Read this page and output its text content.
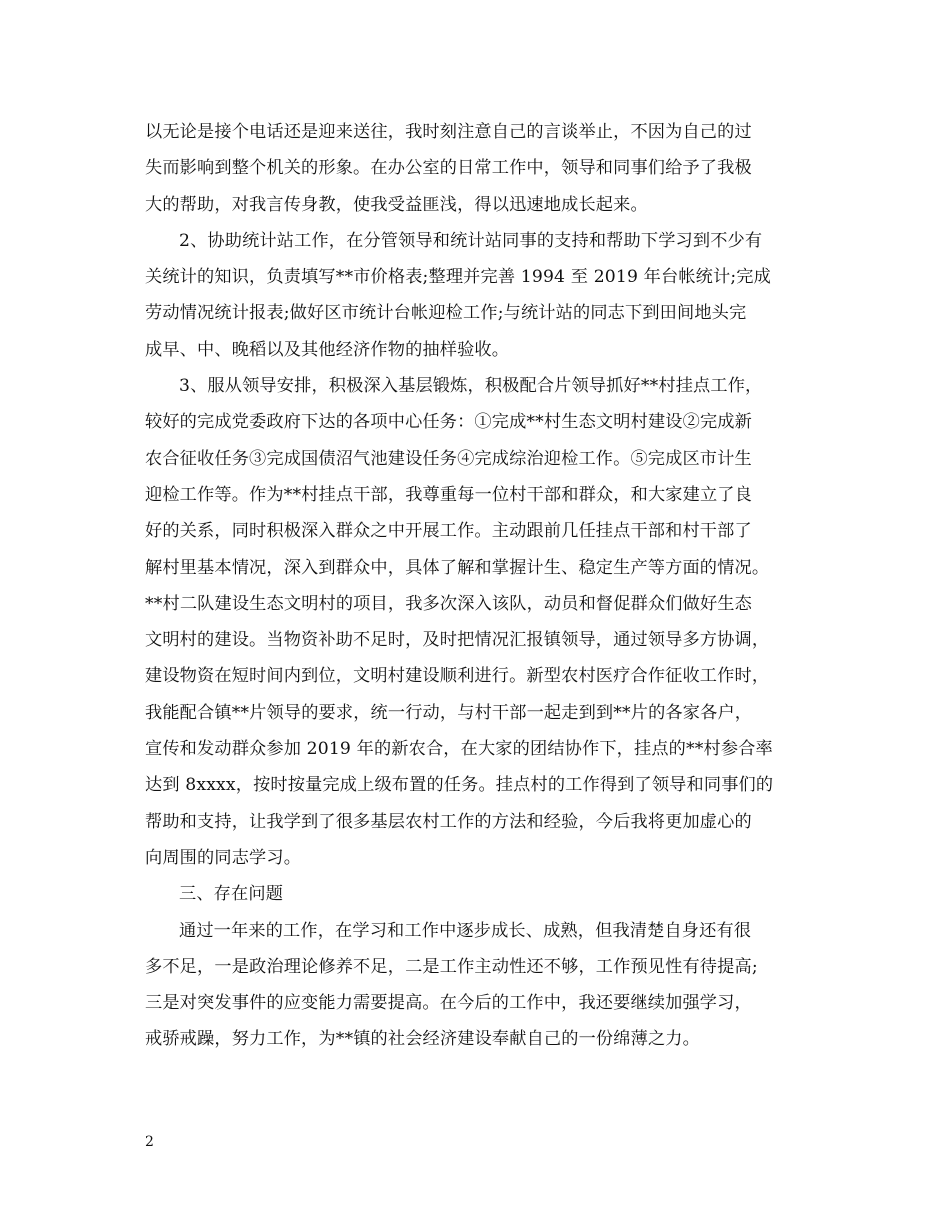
以无论是接个电话还是迎来送往，我时刻注意自己的言谈举止，不因为自己的过
失而影响到整个机关的形象。在办公室的日常工作中，领导和同事们给予了我极
大的帮助，对我言传身教，使我受益匪浅，得以迅速地成长起来。
2、协助统计站工作，在分管领导和统计站同事的支持和帮助下学习到不少有
关统计的知识，负责填写**市价格表;整理并完善 1994 至 2019 年台帐统计;完成
劳动情况统计报表;做好区市统计台帐迎检工作;与统计站的同志下到田间地头完
成早、中、晚稻以及其他经济作物的抽样验收。
3、服从领导安排，积极深入基层锻炼，积极配合片领导抓好**村挂点工作，
较好的完成党委政府下达的各项中心任务：①完成**村生态文明村建设②完成新
农合征收任务③完成国债沼气池建设任务④完成综治迎检工作。⑤完成区市计生
迎检工作等。作为**村挂点干部，我尊重每一位村干部和群众，和大家建立了良
好的关系，同时积极深入群众之中开展工作。主动跟前几任挂点干部和村干部了
解村里基本情况，深入到群众中，具体了解和掌握计生、稳定生产等方面的情况。
**村二队建设生态文明村的项目，我多次深入该队，动员和督促群众们做好生态
文明村的建设。当物资补助不足时，及时把情况汇报镇领导，通过领导多方协调，
建设物资在短时间内到位，文明村建设顺利进行。新型农村医疗合作征收工作时，
我能配合镇**片领导的要求，统一行动，与村干部一起走到到**片的各家各户，
宣传和发动群众参加 2019 年的新农合，在大家的团结协作下，挂点的**村参合率
达到 8xxxx，按时按量完成上级布置的任务。挂点村的工作得到了领导和同事们的
帮助和支持，让我学到了很多基层农村工作的方法和经验，今后我将更加虚心的
向周围的同志学习。
三、存在问题
通过一年来的工作，在学习和工作中逐步成长、成熟，但我清楚自身还有很
多不足，一是政治理论修养不足，二是工作主动性还不够，工作预见性有待提高;
三是对突发事件的应变能力需要提高。在今后的工作中，我还要继续加强学习，
戒骄戒躁，努力工作，为**镇的社会经济建设奉献自己的一份绵薄之力。
2
